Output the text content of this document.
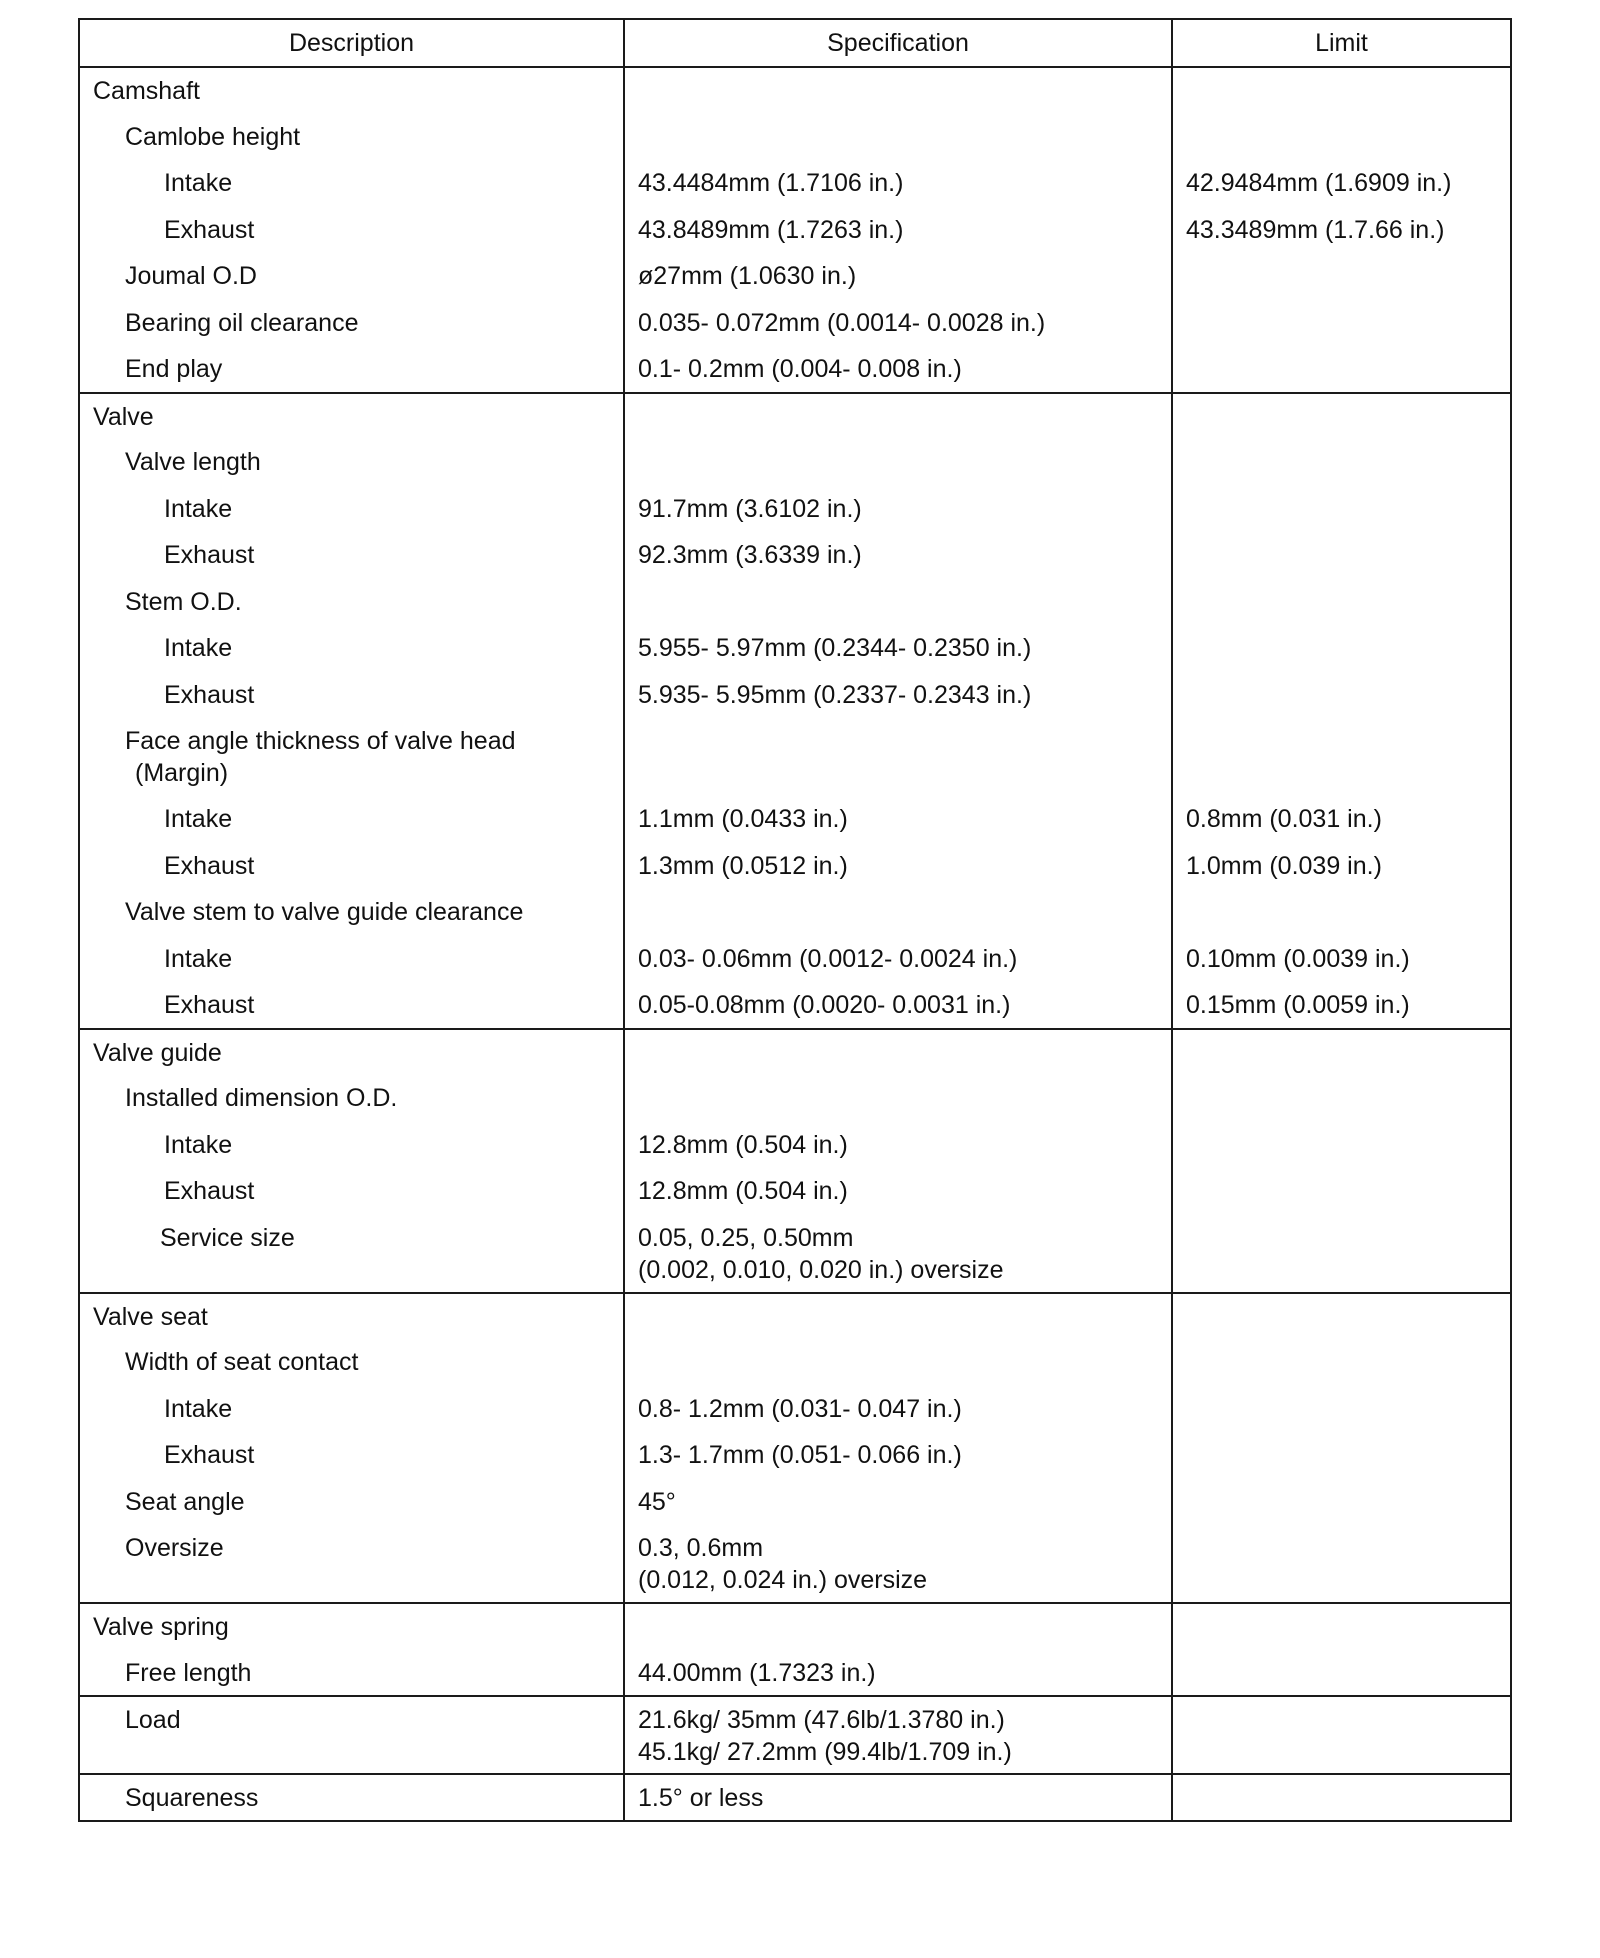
Description	Specification	Limit

Camshaft		

Camlobe height		

Intake	43.4484mm (1.7106 in.)	42.9484mm (1.6909 in.)

Exhaust	43.8489mm (1.7263 in.)	43.3489mm (1.7.66 in.)

Joumal O.D	ø27mm (1.0630 in.)	

Bearing oil clearance	0.035- 0.072mm (0.0014- 0.0028 in.)	

End play	0.1- 0.2mm (0.004- 0.008 in.)	

Valve		

Valve length		

Intake	91.7mm (3.6102 in.)	

Exhaust	92.3mm (3.6339 in.)	

Stem O.D.		

Intake	5.955- 5.97mm (0.2344- 0.2350 in.)	

Exhaust	5.935- 5.95mm (0.2337- 0.2343 in.)	

Face angle thickness of valve head
(Margin)		

Intake	1.1mm (0.0433 in.)	0.8mm (0.031 in.)

Exhaust	1.3mm (0.0512 in.)	1.0mm (0.039 in.)

Valve stem to valve guide clearance		

Intake	0.03- 0.06mm (0.0012- 0.0024 in.)	0.10mm (0.0039 in.)

Exhaust	0.05-0.08mm (0.0020- 0.0031 in.)	0.15mm (0.0059 in.)

Valve guide		

Installed dimension O.D.		

Intake	12.8mm (0.504 in.)	

Exhaust	12.8mm (0.504 in.)	

Service size	0.05, 0.25, 0.50mm
(0.002, 0.010, 0.020 in.) oversize	

Valve seat		

Width of seat contact		

Intake	0.8- 1.2mm (0.031- 0.047 in.)	

Exhaust	1.3- 1.7mm (0.051- 0.066 in.)	

Seat angle	45°	

Oversize	0.3, 0.6mm
(0.012, 0.024 in.) oversize	

Valve spring		

Free length	44.00mm (1.7323 in.)	

Load	21.6kg/ 35mm (47.6lb/1.3780 in.)
45.1kg/ 27.2mm (99.4lb/1.709 in.)	

Squareness	1.5° or less	
